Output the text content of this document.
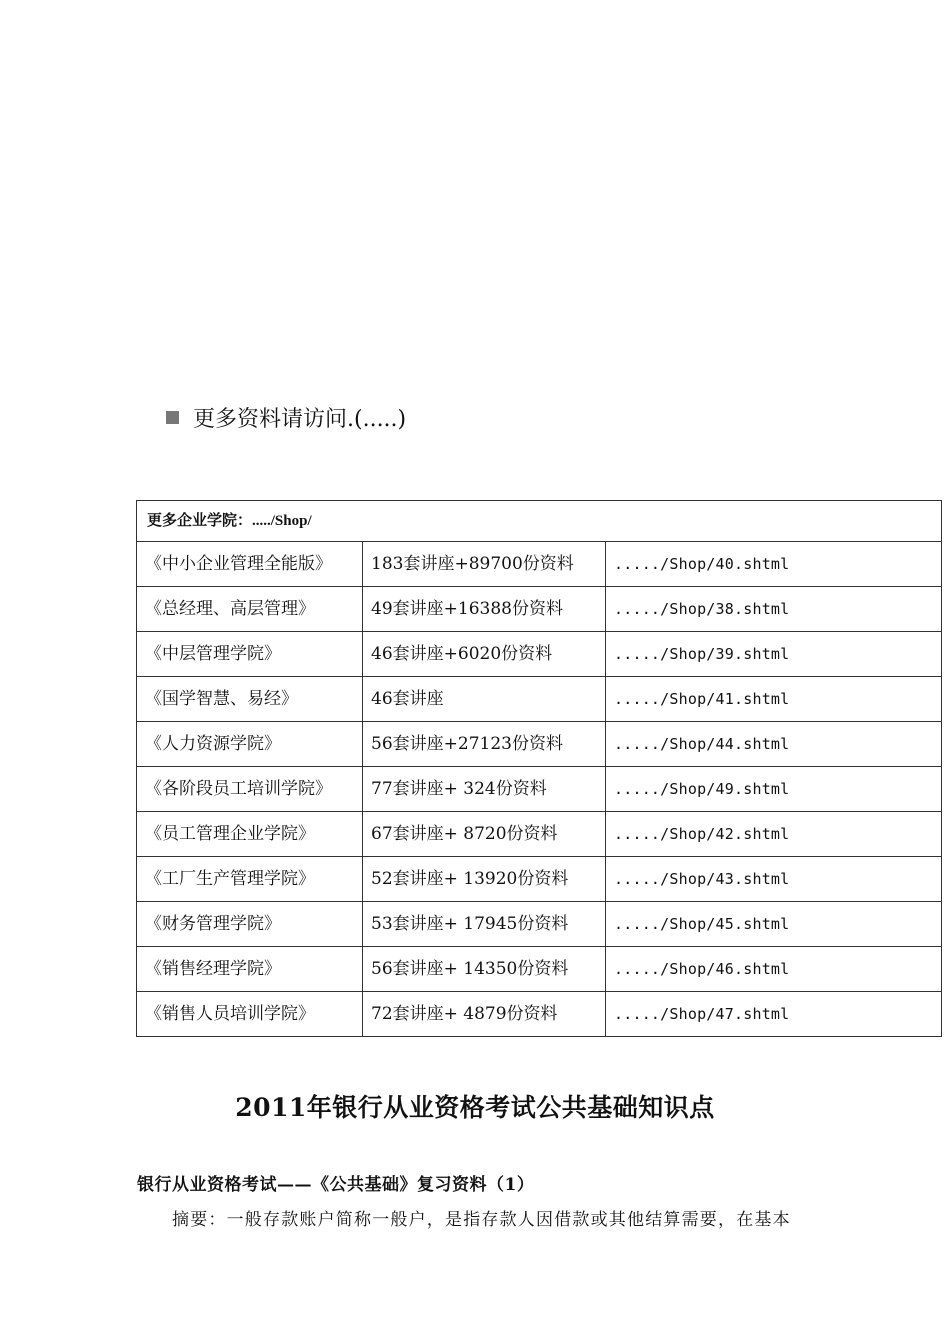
更多资料请访问.(.....)
更多企业学院：...../Shop/		
《中小企业管理全能版》	183套讲座+89700份资料	...../Shop/40.shtml
《总经理、高层管理》	49套讲座+16388份资料	...../Shop/38.shtml
《中层管理学院》	46套讲座+6020份资料	...../Shop/39.shtml
《国学智慧、易经》	46套讲座	...../Shop/41.shtml
《人力资源学院》	56套讲座+27123份资料	...../Shop/44.shtml
《各阶段员工培训学院》	77套讲座+ 324份资料	...../Shop/49.shtml
《员工管理企业学院》	67套讲座+ 8720份资料	...../Shop/42.shtml
《工厂生产管理学院》	52套讲座+ 13920份资料	...../Shop/43.shtml
《财务管理学院》	53套讲座+ 17945份资料	...../Shop/45.shtml
《销售经理学院》	56套讲座+ 14350份资料	...../Shop/46.shtml
《销售人员培训学院》	72套讲座+ 4879份资料	...../Shop/47.shtml
2011年银行从业资格考试公共基础知识点
银行从业资格考试——《公共基础》复习资料（1）
摘要：一般存款账户简称一般户，是指存款人因借款或其他结算需要，在基本
